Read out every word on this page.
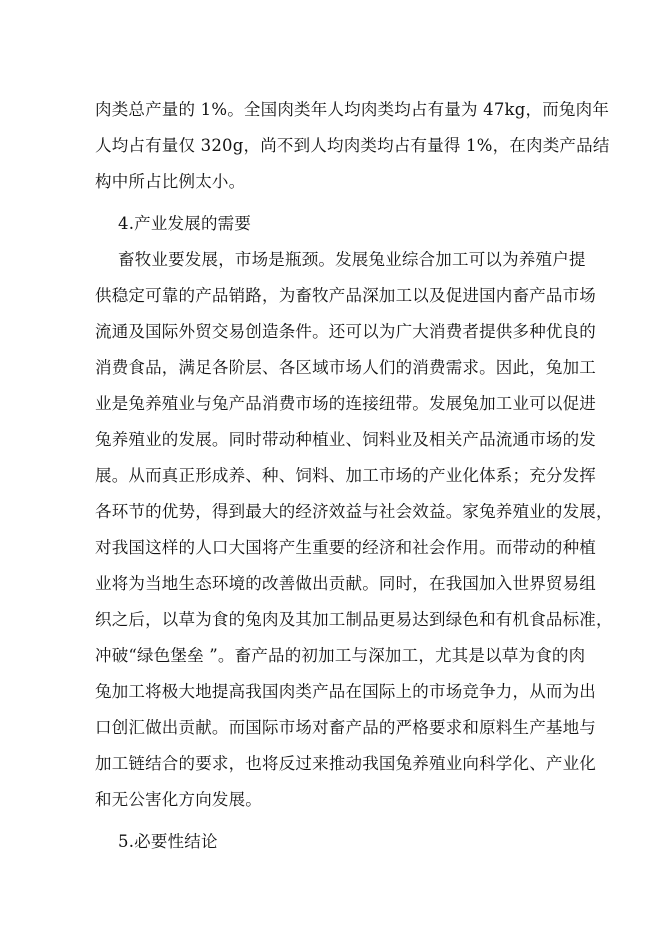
肉类总产量的 1%。全国肉类年人均肉类均占有量为 47kg，而兔肉年
人均占有量仅 320g，尚不到人均肉类均占有量得 1%，在肉类产品结
构中所占比例太小。
4.产业发展的需要
畜牧业要发展，市场是瓶颈。发展兔业综合加工可以为养殖户提
供稳定可靠的产品销路，为畜牧产品深加工以及促进国内畜产品市场
流通及国际外贸交易创造条件。还可以为广大消费者提供多种优良的
消费食品，满足各阶层、各区域市场人们的消费需求。因此，兔加工
业是兔养殖业与兔产品消费市场的连接纽带。发展兔加工业可以促进
兔养殖业的发展。同时带动种植业、饲料业及相关产品流通市场的发
展。从而真正形成养、种、饲料、加工市场的产业化体系；充分发挥
各环节的优势，得到最大的经济效益与社会效益。家兔养殖业的发展，
对我国这样的人口大国将产生重要的经济和社会作用。而带动的种植
业将为当地生态环境的改善做出贡献。同时，在我国加入世界贸易组
织之后，以草为食的兔肉及其加工制品更易达到绿色和有机食品标准，
冲破“绿色堡垒 ”。畜产品的初加工与深加工，尤其是以草为食的肉
兔加工将极大地提高我国肉类产品在国际上的市场竞争力，从而为出
口创汇做出贡献。而国际市场对畜产品的严格要求和原料生产基地与
加工链结合的要求，也将反过来推动我国兔养殖业向科学化、产业化
和无公害化方向发展。
5.必要性结论
